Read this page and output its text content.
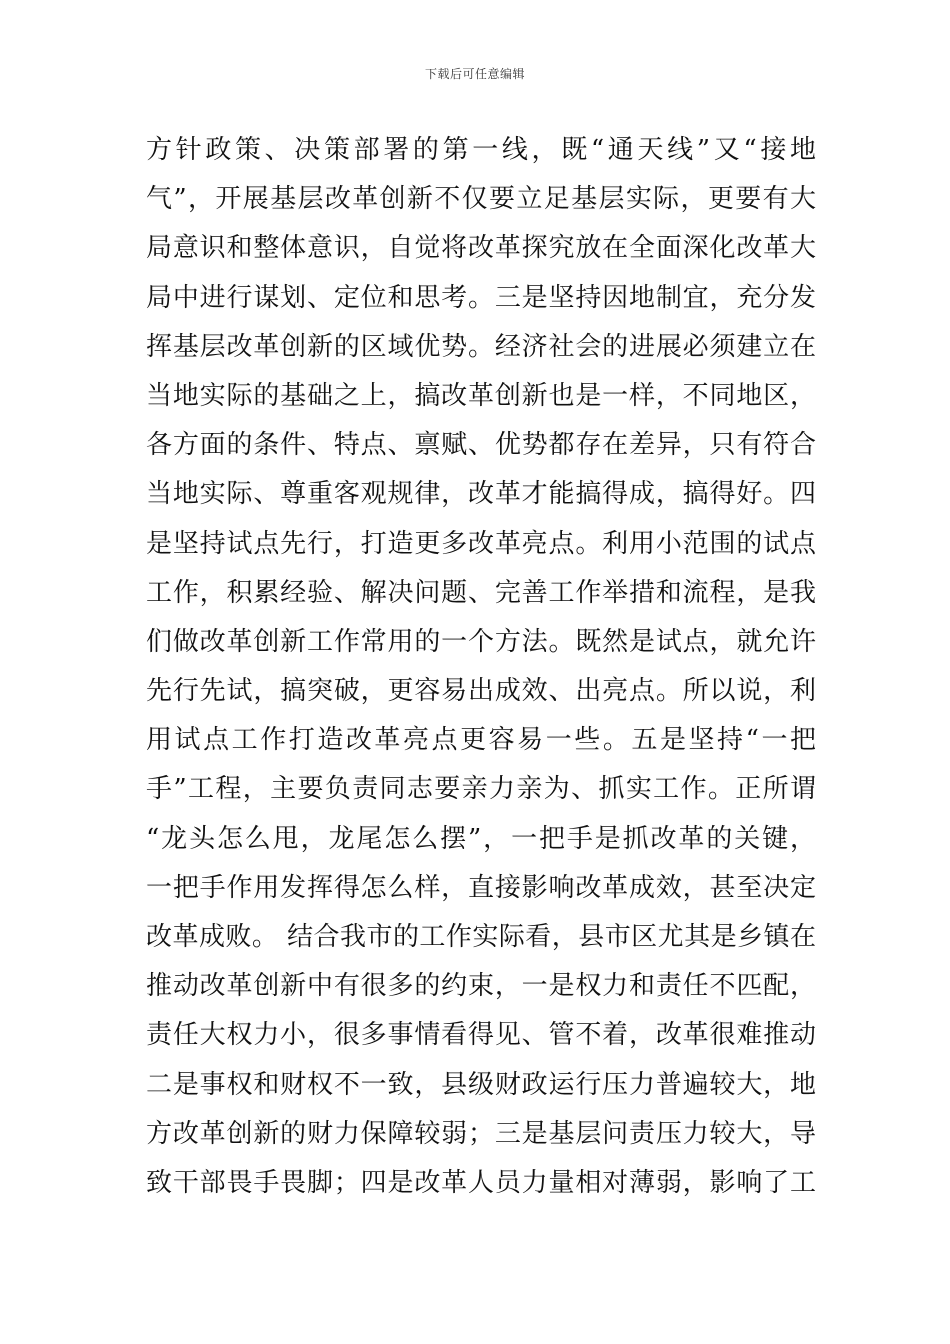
下载后可任意编辑
方针政策、决策部署的第一线，既“通天线”又“接地
气”，开展基层改革创新不仅要立足基层实际，更要有大
局意识和整体意识，自觉将改革探究放在全面深化改革大
局中进行谋划、定位和思考。三是坚持因地制宜，充分发
挥基层改革创新的区域优势。经济社会的进展必须建立在
当地实际的基础之上，搞改革创新也是一样，不同地区，
各方面的条件、特点、禀赋、优势都存在差异，只有符合
当地实际、尊重客观规律，改革才能搞得成，搞得好。四
是坚持试点先行，打造更多改革亮点。利用小范围的试点
工作，积累经验、解决问题、完善工作举措和流程，是我
们做改革创新工作常用的一个方法。既然是试点，就允许
先行先试，搞突破，更容易出成效、出亮点。所以说，利
用试点工作打造改革亮点更容易一些。五是坚持“一把
手”工程，主要负责同志要亲力亲为、抓实工作。正所谓
“龙头怎么甩，龙尾怎么摆”，一把手是抓改革的关键，
一把手作用发挥得怎么样，直接影响改革成效，甚至决定
改革成败。 结合我市的工作实际看，县市区尤其是乡镇在
推动改革创新中有很多的约束，一是权力和责任不匹配，
责任大权力小，很多事情看得见、管不着，改革很难推动
二是事权和财权不一致，县级财政运行压力普遍较大，地
方改革创新的财力保障较弱；三是基层问责压力较大，导
致干部畏手畏脚；四是改革人员力量相对薄弱，影响了工
